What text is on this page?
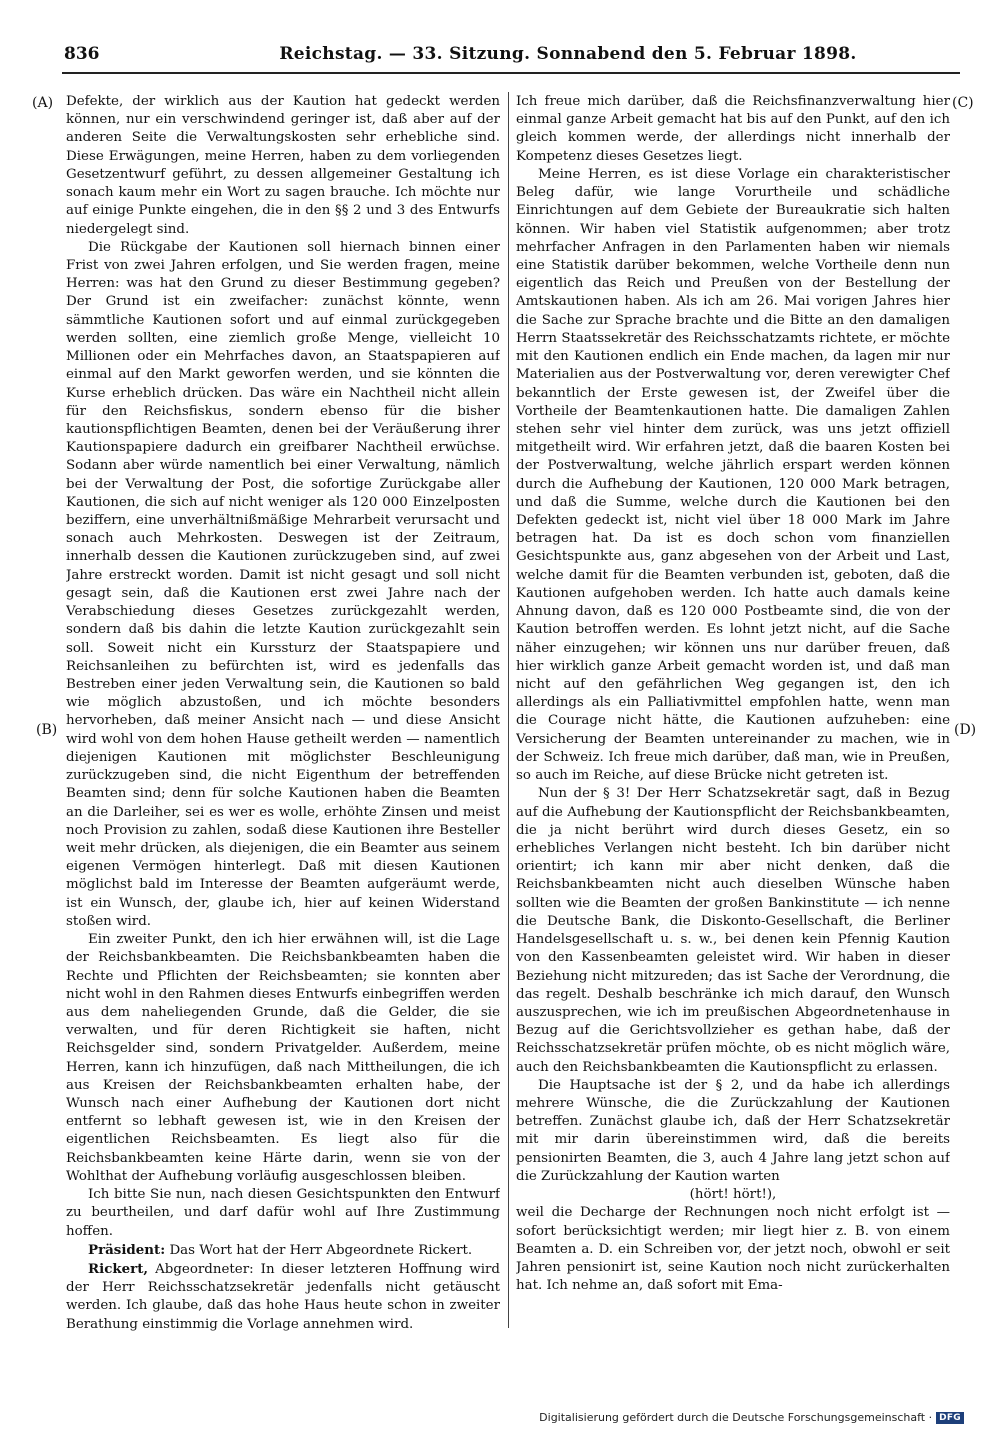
836	Reichstag. — 33. Sitzung. Sonnabend den 5. Februar 1898.
(A)
(B)
(C)
(D)

Defekte, der wirklich aus der Kaution hat gedeckt werden können, nur ein verschwindend geringer ist, daß aber auf der anderen Seite die Verwaltungskosten sehr erhebliche sind. Diese Erwägungen, meine Herren, haben zu dem vorliegenden Gesetzentwurf geführt, zu dessen allgemeiner Gestaltung ich sonach kaum mehr ein Wort zu sagen brauche. Ich möchte nur auf einige Punkte eingehen, die in den §§ 2 und 3 des Entwurfs niedergelegt sind.

Die Rückgabe der Kautionen soll hiernach binnen einer Frist von zwei Jahren erfolgen, und Sie werden fragen, meine Herren: was hat den Grund zu dieser Bestimmung gegeben? Der Grund ist ein zweifacher: zunächst könnte, wenn sämmtliche Kautionen sofort und auf einmal zurückgegeben werden sollten, eine ziemlich große Menge, vielleicht 10 Millionen oder ein Mehrfaches davon, an Staatspapieren auf einmal auf den Markt geworfen werden, und sie könnten die Kurse erheblich drücken. Das wäre ein Nachtheil nicht allein für den Reichsfiskus, sondern ebenso für die bisher kautionspflichtigen Beamten, denen bei der Veräußerung ihrer Kautionspapiere dadurch ein greifbarer Nachtheil erwüchse. Sodann aber würde namentlich bei einer Verwaltung, nämlich bei der Verwaltung der Post, die sofortige Zurückgabe aller Kautionen, die sich auf nicht weniger als 120 000 Einzelposten beziffern, eine unverhältnißmäßige Mehrarbeit verursacht und sonach auch Mehrkosten. Deswegen ist der Zeitraum, innerhalb dessen die Kautionen zurückzugeben sind, auf zwei Jahre erstreckt worden. Damit ist nicht gesagt und soll nicht gesagt sein, daß die Kautionen erst zwei Jahre nach der Verabschiedung dieses Gesetzes zurückgezahlt werden, sondern daß bis dahin die letzte Kaution zurückgezahlt sein soll. Soweit nicht ein Kurssturz der Staatspapiere und Reichsanleihen zu befürchten ist, wird es jedenfalls das Bestreben einer jeden Verwaltung sein, die Kautionen so bald wie möglich abzustoßen, und ich möchte besonders hervorheben, daß meiner Ansicht nach — und diese Ansicht wird wohl von dem hohen Hause getheilt werden — namentlich diejenigen Kautionen mit möglichster Beschleunigung zurückzugeben sind, die nicht Eigenthum der betreffenden Beamten sind; denn für solche Kautionen haben die Beamten an die Darleiher, sei es wer es wolle, erhöhte Zinsen und meist noch Provision zu zahlen, sodaß diese Kautionen ihre Besteller weit mehr drücken, als diejenigen, die ein Beamter aus seinem eigenen Vermögen hinterlegt. Daß mit diesen Kautionen möglichst bald im Interesse der Beamten aufgeräumt werde, ist ein Wunsch, der, glaube ich, hier auf keinen Widerstand stoßen wird.

Ein zweiter Punkt, den ich hier erwähnen will, ist die Lage der Reichsbankbeamten. Die Reichsbankbeamten haben die Rechte und Pflichten der Reichsbeamten; sie konnten aber nicht wohl in den Rahmen dieses Entwurfs einbegriffen werden aus dem naheliegenden Grunde, daß die Gelder, die sie verwalten, und für deren Richtigkeit sie haften, nicht Reichsgelder sind, sondern Privatgelder. Außerdem, meine Herren, kann ich hinzufügen, daß nach Mittheilungen, die ich aus Kreisen der Reichsbankbeamten erhalten habe, der Wunsch nach einer Aufhebung der Kautionen dort nicht entfernt so lebhaft gewesen ist, wie in den Kreisen der eigentlichen Reichsbeamten. Es liegt also für die Reichsbankbeamten keine Härte darin, wenn sie von der Wohlthat der Aufhebung vorläufig ausgeschlossen bleiben.

Ich bitte Sie nun, nach diesen Gesichtspunkten den Entwurf zu beurtheilen, und darf dafür wohl auf Ihre Zustimmung hoffen.

Präsident: Das Wort hat der Herr Abgeordnete Rickert.

Rickert, Abgeordneter: In dieser letzteren Hoffnung wird der Herr Reichsschatzsekretär jedenfalls nicht getäuscht werden. Ich glaube, daß das hohe Haus heute schon in zweiter Berathung einstimmig die Vorlage annehmen wird.

Ich freue mich darüber, daß die Reichsfinanzverwaltung hier einmal ganze Arbeit gemacht hat bis auf den Punkt, auf den ich gleich kommen werde, der allerdings nicht innerhalb der Kompetenz dieses Gesetzes liegt.

Meine Herren, es ist diese Vorlage ein charakteristischer Beleg dafür, wie lange Vorurtheile und schädliche Einrichtungen auf dem Gebiete der Bureaukratie sich halten können. Wir haben viel Statistik aufgenommen; aber trotz mehrfacher Anfragen in den Parlamenten haben wir niemals eine Statistik darüber bekommen, welche Vortheile denn nun eigentlich das Reich und Preußen von der Bestellung der Amtskautionen haben. Als ich am 26. Mai vorigen Jahres hier die Sache zur Sprache brachte und die Bitte an den damaligen Herrn Staatssekretär des Reichsschatzamts richtete, er möchte mit den Kautionen endlich ein Ende machen, da lagen mir nur Materialien aus der Postverwaltung vor, deren verewigter Chef bekanntlich der Erste gewesen ist, der Zweifel über die Vortheile der Beamtenkautionen hatte. Die damaligen Zahlen stehen sehr viel hinter dem zurück, was uns jetzt offiziell mitgetheilt wird. Wir erfahren jetzt, daß die baaren Kosten bei der Postverwaltung, welche jährlich erspart werden können durch die Aufhebung der Kautionen, 120 000 Mark betragen, und daß die Summe, welche durch die Kautionen bei den Defekten gedeckt ist, nicht viel über 18 000 Mark im Jahre betragen hat. Da ist es doch schon vom finanziellen Gesichtspunkte aus, ganz abgesehen von der Arbeit und Last, welche damit für die Beamten verbunden ist, geboten, daß die Kautionen aufgehoben werden. Ich hatte auch damals keine Ahnung davon, daß es 120 000 Postbeamte sind, die von der Kaution betroffen werden. Es lohnt jetzt nicht, auf die Sache näher einzugehen; wir können uns nur darüber freuen, daß hier wirklich ganze Arbeit gemacht worden ist, und daß man nicht auf den gefährlichen Weg gegangen ist, den ich allerdings als ein Palliativmittel empfohlen hatte, wenn man die Courage nicht hätte, die Kautionen aufzuheben: eine Versicherung der Beamten untereinander zu machen, wie in der Schweiz. Ich freue mich darüber, daß man, wie in Preußen, so auch im Reiche, auf diese Brücke nicht getreten ist.

Nun der § 3! Der Herr Schatzsekretär sagt, daß in Bezug auf die Aufhebung der Kautionspflicht der Reichsbankbeamten, die ja nicht berührt wird durch dieses Gesetz, ein so erhebliches Verlangen nicht besteht. Ich bin darüber nicht orientirt; ich kann mir aber nicht denken, daß die Reichsbankbeamten nicht auch dieselben Wünsche haben sollten wie die Beamten der großen Bankinstitute — ich nenne die Deutsche Bank, die Diskonto-Gesellschaft, die Berliner Handelsgesellschaft u. s. w., bei denen kein Pfennig Kaution von den Kassenbeamten geleistet wird. Wir haben in dieser Beziehung nicht mitzureden; das ist Sache der Verordnung, die das regelt. Deshalb beschränke ich mich darauf, den Wunsch auszusprechen, wie ich im preußischen Abgeordnetenhause in Bezug auf die Gerichtsvollzieher es gethan habe, daß der Reichsschatzsekretär prüfen möchte, ob es nicht möglich wäre, auch den Reichsbankbeamten die Kautionspflicht zu erlassen.

Die Hauptsache ist der § 2, und da habe ich allerdings mehrere Wünsche, die die Zurückzahlung der Kautionen betreffen. Zunächst glaube ich, daß der Herr Schatzsekretär mit mir darin übereinstimmen wird, daß die bereits pensionirten Beamten, die 3, auch 4 Jahre lang jetzt schon auf die Zurückzahlung der Kaution warten

(hört! hört!),

weil die Decharge der Rechnungen noch nicht erfolgt ist — sofort berücksichtigt werden; mir liegt hier z. B. von einem Beamten a. D. ein Schreiben vor, der jetzt noch, obwohl er seit Jahren pensionirt ist, seine Kaution noch nicht zurückerhalten hat. Ich nehme an, daß sofort mit Ema-

Digitalisierung gefördert durch die Deutsche Forschungsgemeinschaft · DFG
